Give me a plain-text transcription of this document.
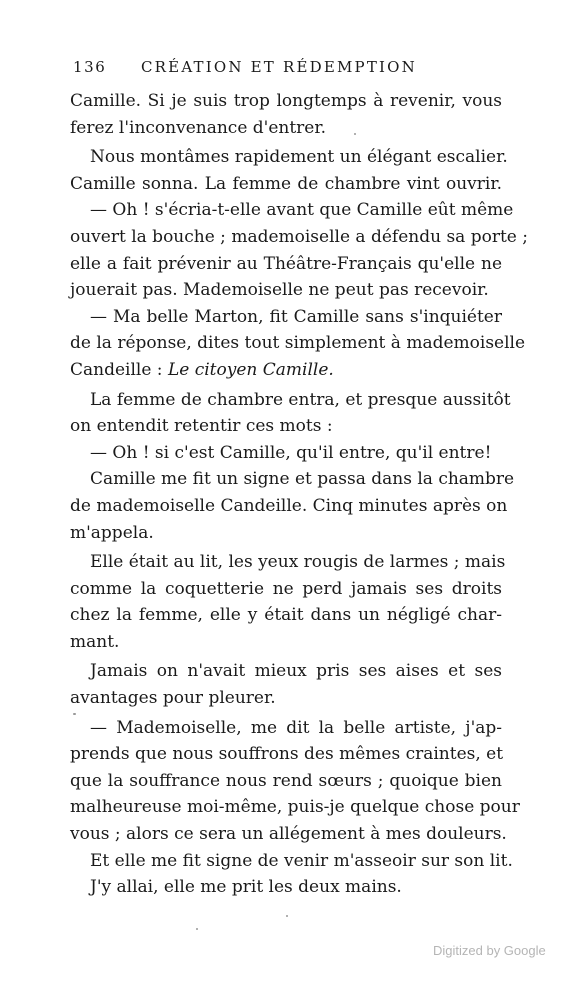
136 CRÉATION ET RÉDEMPTION
Camille. Si je suis trop longtemps à revenir, vous
ferez l'inconvenance d'entrer.
Nous montâmes rapidement un élégant escalier.
Camille sonna. La femme de chambre vint ouvrir.
— Oh ! s'écria-t-elle avant que Camille eût même
ouvert la bouche ; mademoiselle a défendu sa porte ;
elle a fait prévenir au Théâtre-Français qu'elle ne
jouerait pas. Mademoiselle ne peut pas recevoir.
— Ma belle Marton, fit Camille sans s'inquiéter
de la réponse, dites tout simplement à mademoiselle
Candeille : Le citoyen Camille.
La femme de chambre entra, et presque aussitôt
on entendit retentir ces mots :
— Oh ! si c'est Camille, qu'il entre, qu'il entre!
Camille me fit un signe et passa dans la chambre
de mademoiselle Candeille. Cinq minutes après on
m'appela.
Elle était au lit, les yeux rougis de larmes ; mais
comme la coquetterie ne perd jamais ses droits
chez la femme, elle y était dans un négligé char-
mant.
Jamais on n'avait mieux pris ses aises et ses
avantages pour pleurer.
— Mademoiselle, me dit la belle artiste, j'ap-
prends que nous souffrons des mêmes craintes, et
que la souffrance nous rend sœurs ; quoique bien
malheureuse moi-même, puis-je quelque chose pour
vous ; alors ce sera un allégement à mes douleurs.
Et elle me fit signe de venir m'asseoir sur son lit.
J'y allai, elle me prit les deux mains.
Digitized by Google
